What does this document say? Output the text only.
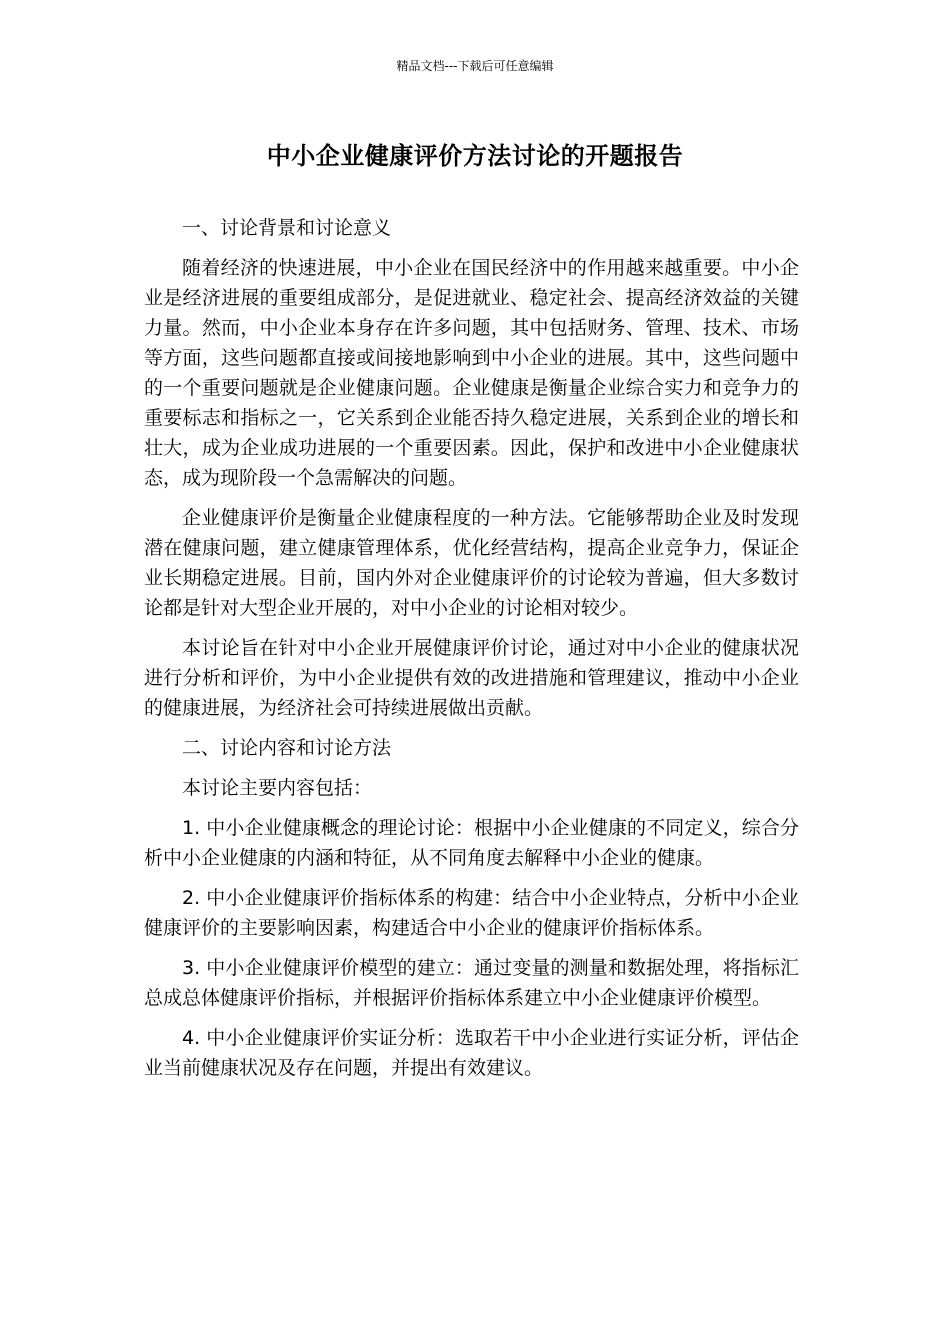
精品文档---下载后可任意编辑
中小企业健康评价方法讨论的开题报告

一、讨论背景和讨论意义

随着经济的快速进展，中小企业在国民经济中的作用越来越重要。中小企业是经济进展的重要组成部分，是促进就业、稳定社会、提高经济效益的关键力量。然而，中小企业本身存在许多问题，其中包括财务、管理、技术、市场等方面，这些问题都直接或间接地影响到中小企业的进展。其中，这些问题中的一个重要问题就是企业健康问题。企业健康是衡量企业综合实力和竞争力的重要标志和指标之一，它关系到企业能否持久稳定进展，关系到企业的增长和壮大，成为企业成功进展的一个重要因素。因此，保护和改进中小企业健康状态，成为现阶段一个急需解决的问题。

企业健康评价是衡量企业健康程度的一种方法。它能够帮助企业及时发现潜在健康问题，建立健康管理体系，优化经营结构，提高企业竞争力，保证企业长期稳定进展。目前，国内外对企业健康评价的讨论较为普遍，但大多数讨论都是针对大型企业开展的，对中小企业的讨论相对较少。

本讨论旨在针对中小企业开展健康评价讨论，通过对中小企业的健康状况进行分析和评价，为中小企业提供有效的改进措施和管理建议，推动中小企业的健康进展，为经济社会可持续进展做出贡献。

二、讨论内容和讨论方法

本讨论主要内容包括：

1. 中小企业健康概念的理论讨论：根据中小企业健康的不同定义，综合分析中小企业健康的内涵和特征，从不同角度去解释中小企业的健康。

2. 中小企业健康评价指标体系的构建：结合中小企业特点，分析中小企业健康评价的主要影响因素，构建适合中小企业的健康评价指标体系。

3. 中小企业健康评价模型的建立：通过变量的测量和数据处理，将指标汇总成总体健康评价指标，并根据评价指标体系建立中小企业健康评价模型。

4. 中小企业健康评价实证分析：选取若干中小企业进行实证分析，评估企业当前健康状况及存在问题，并提出有效建议。
